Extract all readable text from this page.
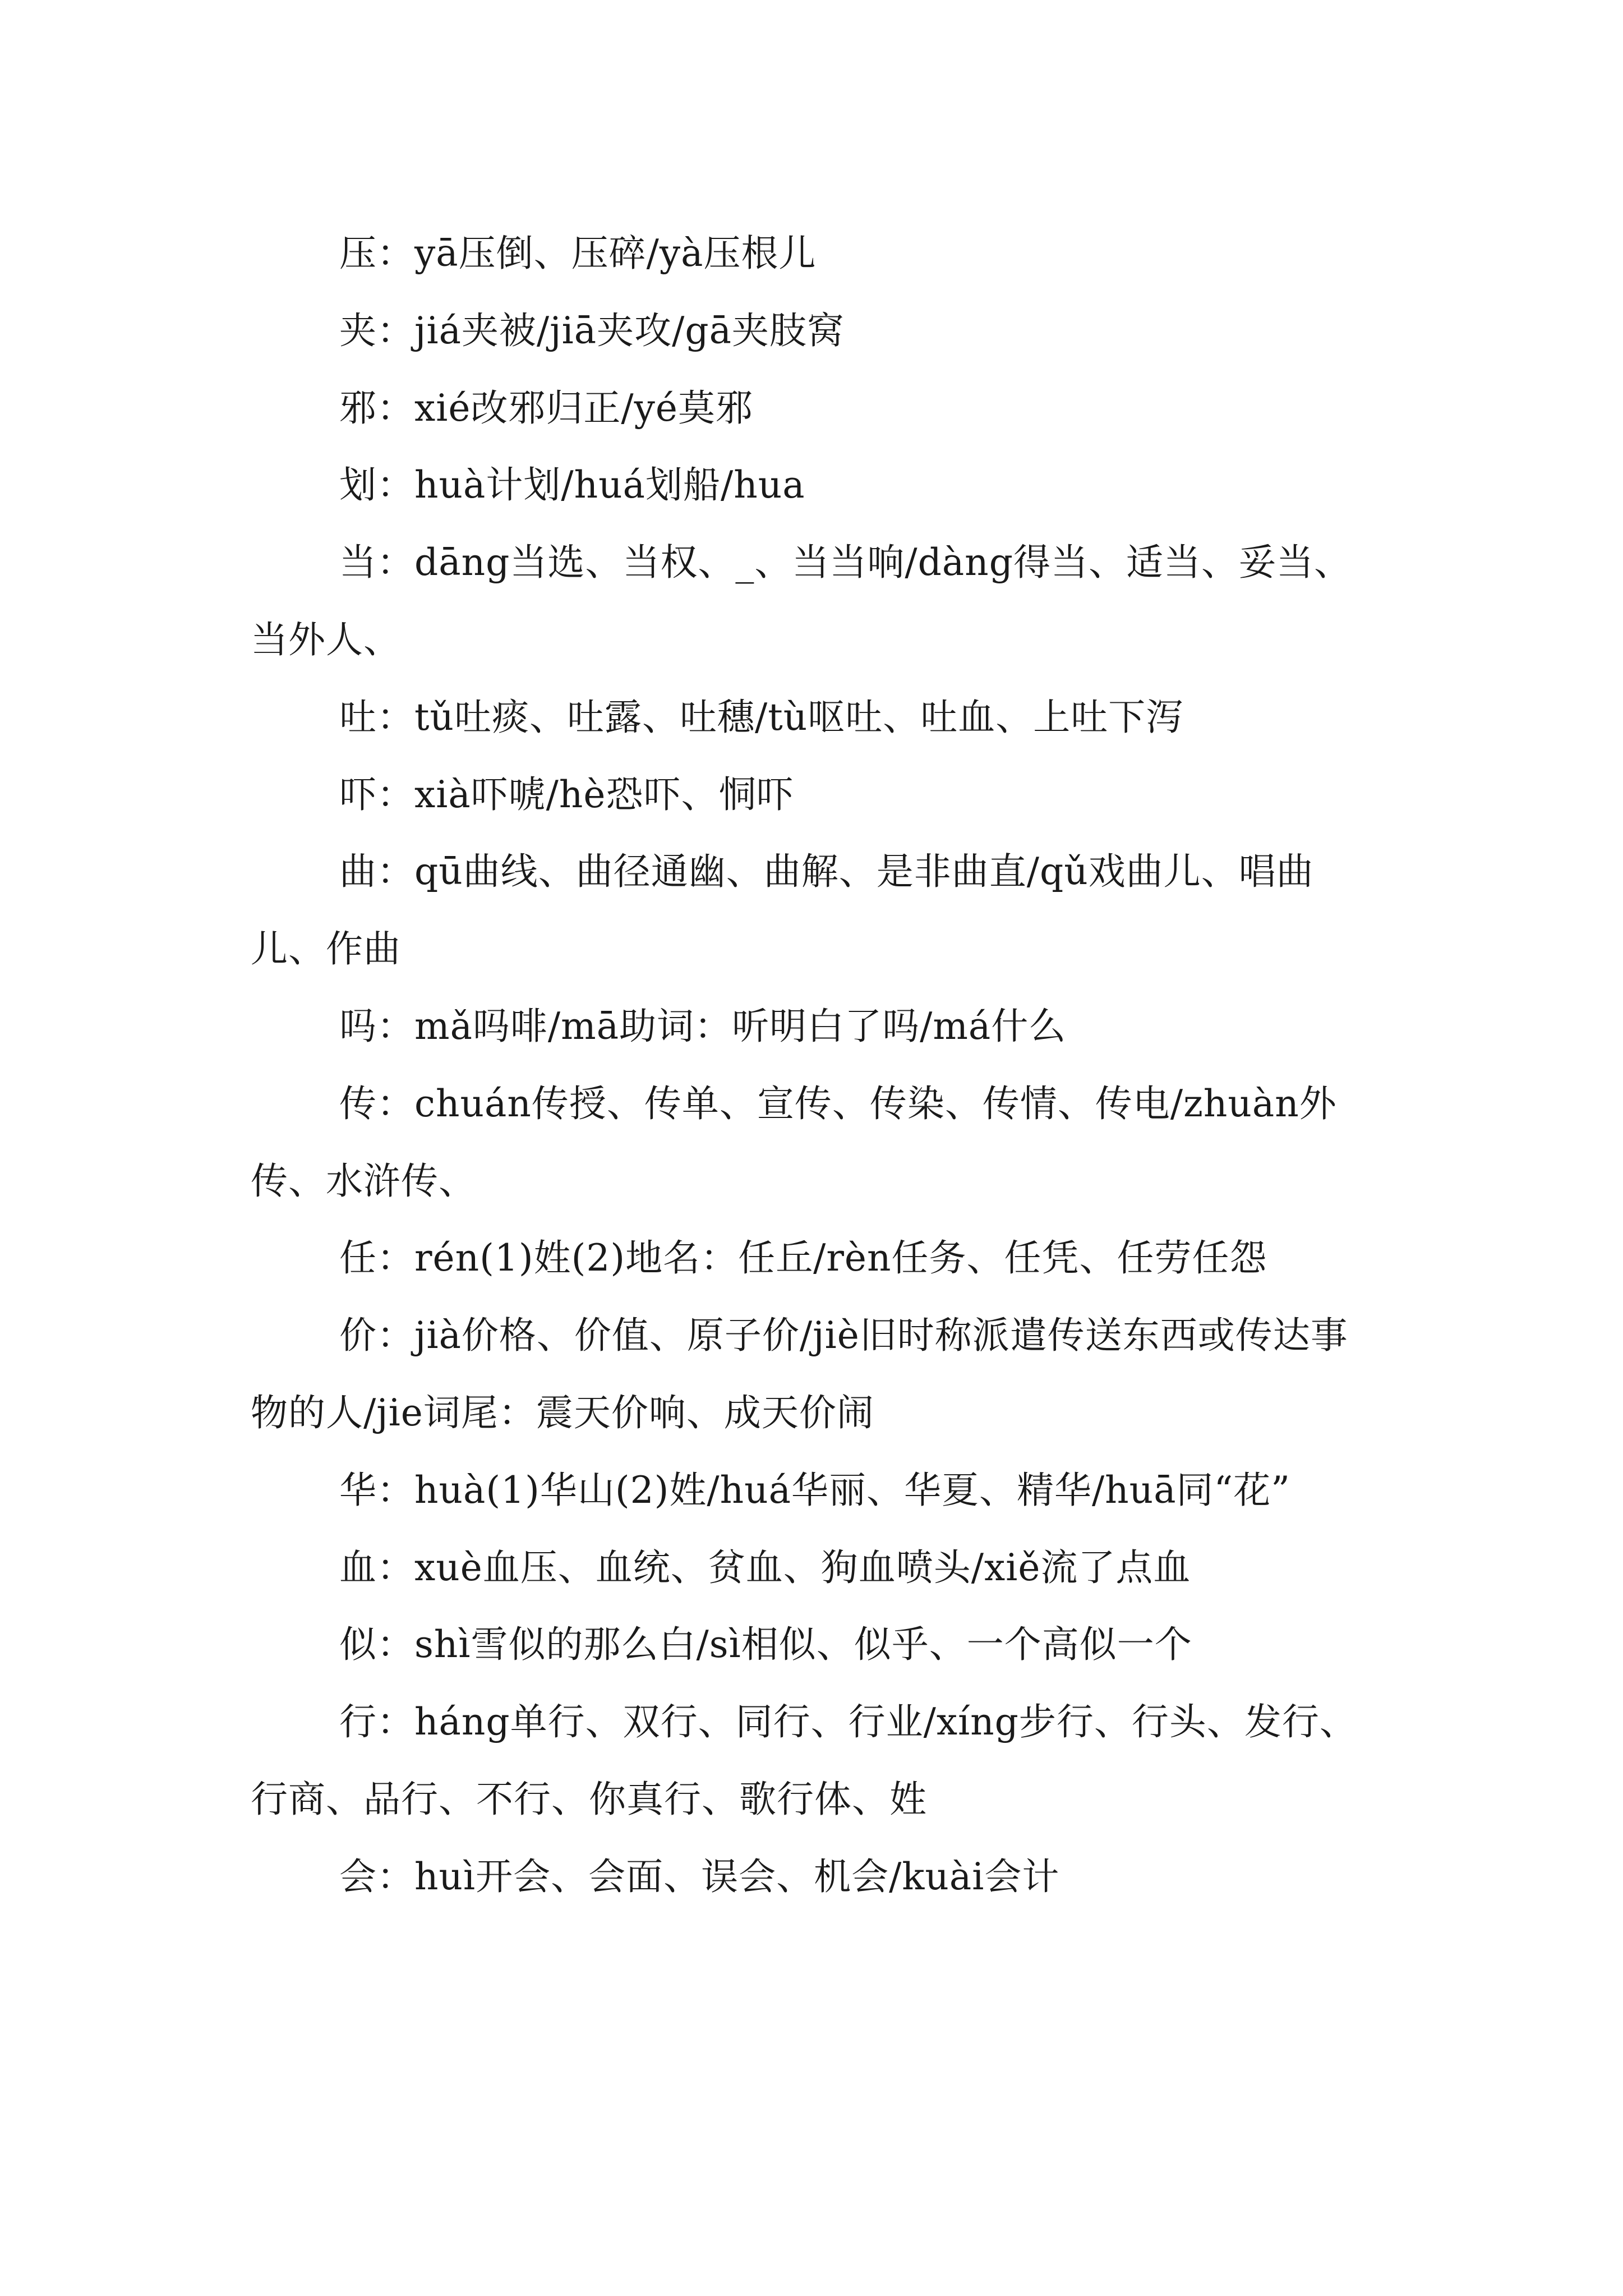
压：yā压倒、压碎/yà压根儿

夹：jiá夹被/jiā夹攻/gā夹肢窝

邪：xié改邪归正/yé莫邪

划：huà计划/huá划船/hua

当：dāng当选、当权、_、当当响/dàng得当、适当、妥当、当外人、

吐：tǔ吐痰、吐露、吐穗/tù呕吐、吐血、上吐下泻

吓：xià吓唬/hè恐吓、恫吓

曲：qū曲线、曲径通幽、曲解、是非曲直/qǔ戏曲儿、唱曲儿、作曲

吗：mǎ吗啡/mā助词：听明白了吗/má什么

传：chuán传授、传单、宣传、传染、传情、传电/zhuàn外传、水浒传、

任：rén(1)姓(2)地名：任丘/rèn任务、任凭、任劳任怨

价：jià价格、价值、原子价/jiè旧时称派遣传送东西或传达事物的人/jie词尾：震天价响、成天价闹

华：huà(1)华山(2)姓/huá华丽、华夏、精华/huā同“花”

血：xuè血压、血统、贫血、狗血喷头/xiě流了点血

似：shì雪似的那么白/sì相似、似乎、一个高似一个

行：háng单行、双行、同行、行业/xíng步行、行头、发行、行商、品行、不行、你真行、歌行体、姓

会：huì开会、会面、误会、机会/kuài会计
